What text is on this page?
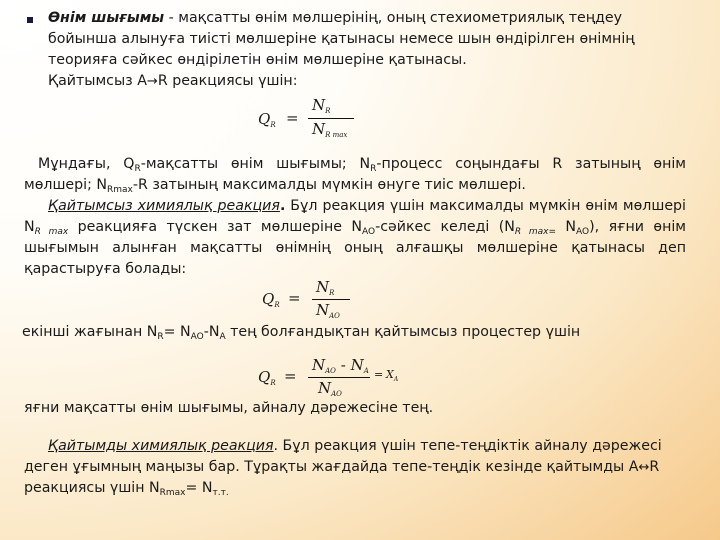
Өнім шығымы - мақсатты өнім мөлшерінің, оның стехиометриялық теңдеу
бойынша алынуға тиісті мөлшеріне қатынасы немесе шын өндірілген өнімнің
теорияға сәйкес өндірілетін өнім мөлшеріне қатынасы.
Қайтымсыз A→R реакциясы үшін:
$Q_R$ =
$N_R$
$N_{R max}$
Мұндағы, $Q_R$-мақсатты өнім шығымы; $N_R$-процесс соңындағы R затының өнім мөлшері; $N_{Rmax}-R$ затының максималды мүмкін өнуге тиіс мөлшері.
Қайтымсыз химиялық реакция. Бұл реакция үшін максималды мүмкін өнім мөлшері $N_{R max}$ реакцияға түскен зат мөлшеріне $N_{AO}$-сәйкес келеді ($N_{R max=}$ $N_{AO}$), яғни өнім шығымын алынған мақсатты өнімнің оның алғашқы мөлшеріне қатынасы деп қарастыруға болады:
$Q_R$ =
$N_R$
$N_{AO}$
екінші жағынан $N_R= N_{AO}-N_A$ тең болғандықтан қайтымсыз процестер үшін
$Q_R$ =
$N_{AO} - N_A$
$N_{AO}$
= $X_A$
яғни мақсатты өнім шығымы, айналу дәрежесіне тең.
Қайтымды химиялық реакция. Бұл реакция үшін тепе-теңдіктік айналу дәрежесі
деген ұғымның маңызы бар. Тұрақты жағдайда тепе-теңдік кезінде қайтымды A↔R
реакциясы үшін $N_{Rmax}= N_{т.т.}$
